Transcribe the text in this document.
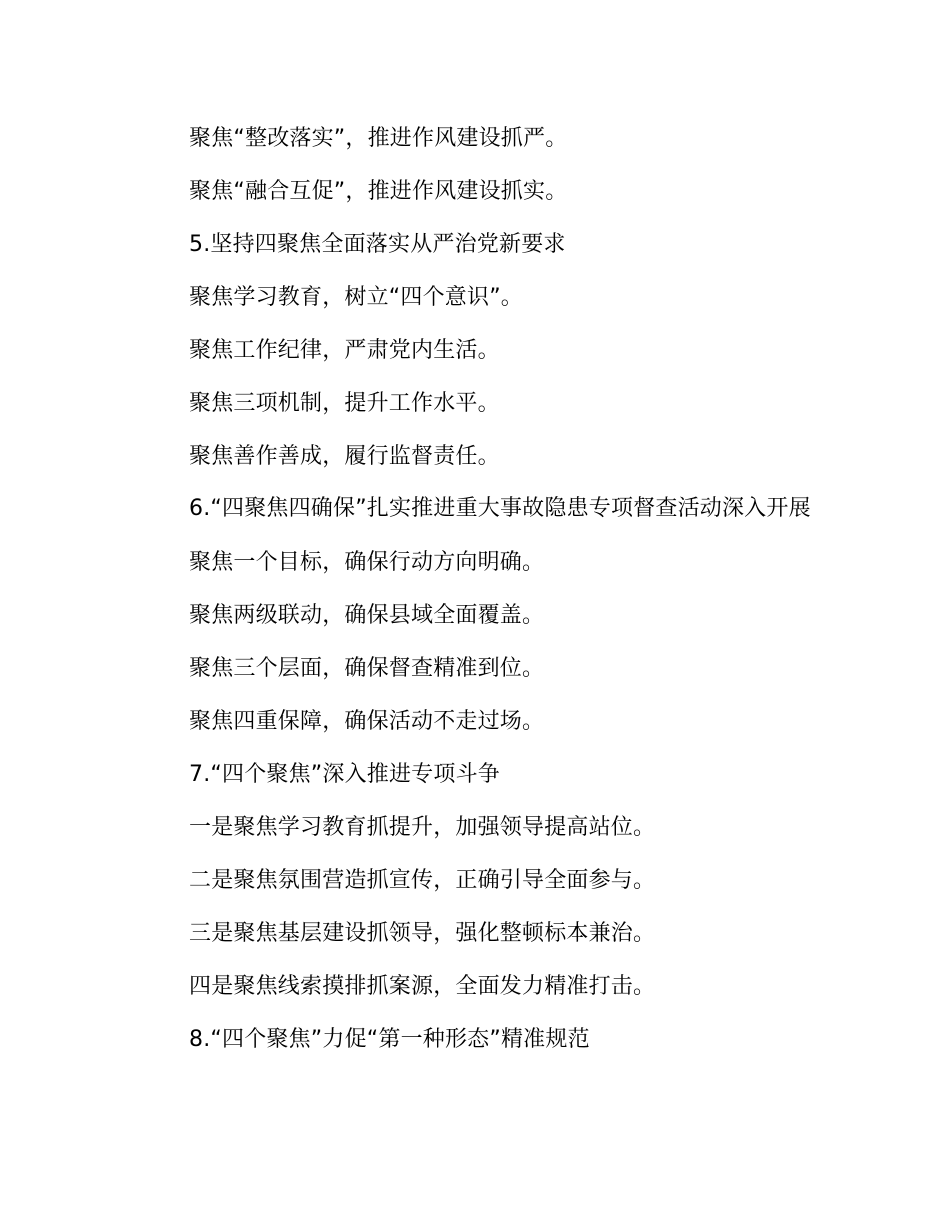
聚焦“整改落实”，推进作风建设抓严。

聚焦“融合互促”，推进作风建设抓实。

5.坚持四聚焦全面落实从严治党新要求

聚焦学习教育，树立“四个意识”。

聚焦工作纪律，严肃党内生活。

聚焦三项机制，提升工作水平。

聚焦善作善成，履行监督责任。

6.“四聚焦四确保”扎实推进重大事故隐患专项督查活动深入开展

聚焦一个目标，确保行动方向明确。

聚焦两级联动，确保县域全面覆盖。

聚焦三个层面，确保督查精准到位。

聚焦四重保障，确保活动不走过场。

7.“四个聚焦”深入推进专项斗争

一是聚焦学习教育抓提升，加强领导提高站位。

二是聚焦氛围营造抓宣传，正确引导全面参与。

三是聚焦基层建设抓领导，强化整顿标本兼治。

四是聚焦线索摸排抓案源，全面发力精准打击。

8.“四个聚焦”力促“第一种形态”精准规范
